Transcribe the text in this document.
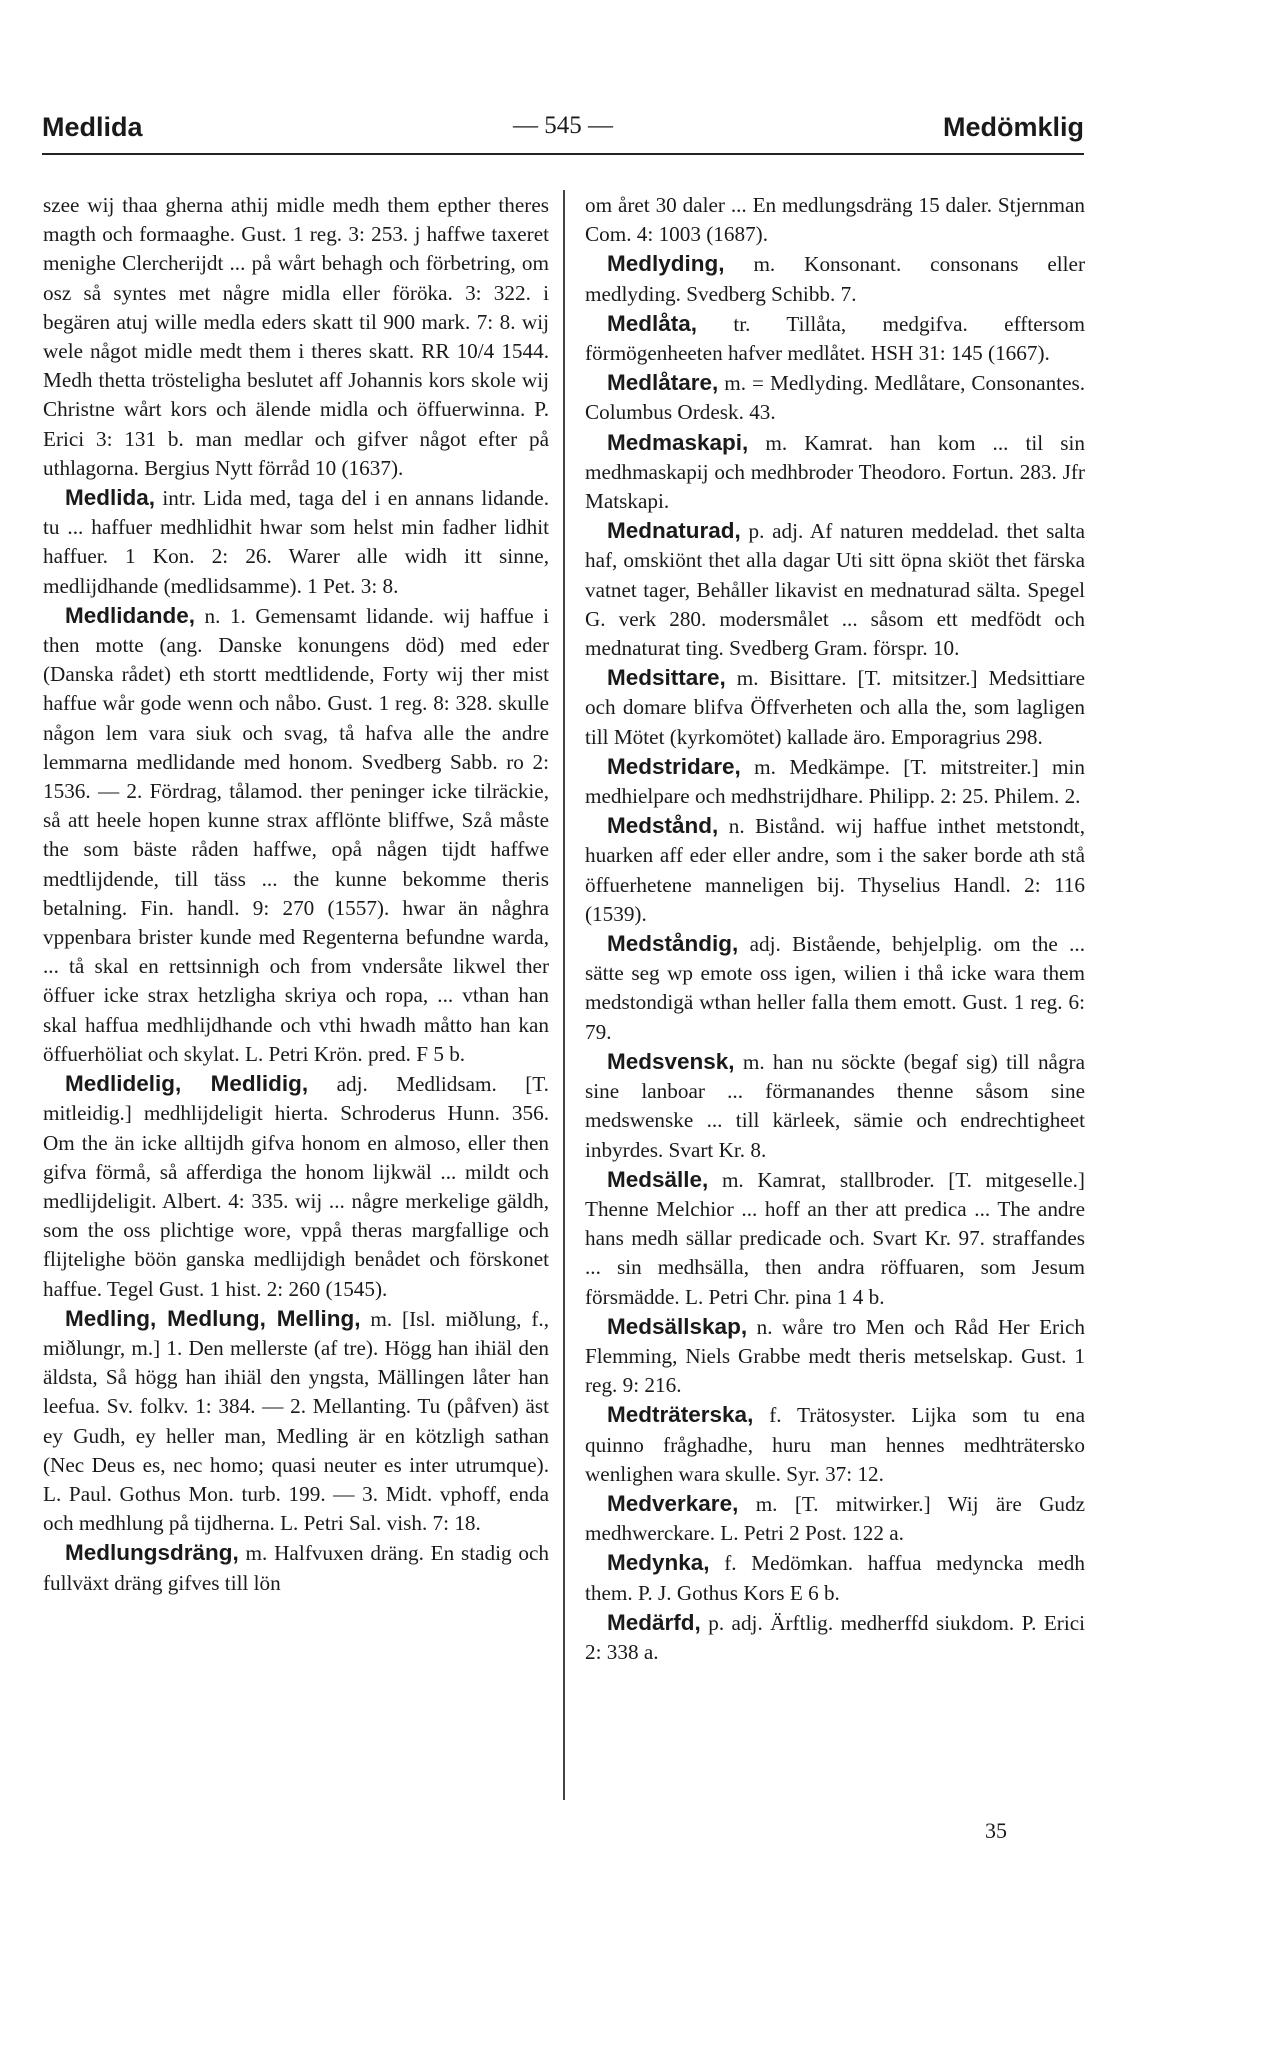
Medlida	— 545 —	Medömklig

szee wij thaa gherna athij midle medh them epther theres magth och formaaghe. Gust. 1 reg. 3: 253. j haffwe taxeret menighe Clercherijdt ... på wårt behagh och förbetring, om osz så syntes met någre midla eller föröka. 3: 322. i begären atuj wille medla eders skatt til 900 mark. 7: 8. wij wele något midle medt them i theres skatt. RR 10/4 1544. Medh thetta tröstelighа beslutet aff Johannis kors skole wij Christne wårt kors och älende midla och öffuerwinna. P. Erici 3: 131 b. man medlar och gifver något efter på uthlagorna. Bergius Nytt förråd 10 (1637).

Medlida, intr. Lida med, taga del i en annans lidande. tu ... haffuer medhlidhit hwar som helst min fadher lidhit haffuer. 1 Kon. 2: 26. Warer alle widh itt sinne, medlijdhande (medlidsamme). 1 Pet. 3: 8.

Medlidande, n. 1. Gemensamt lidande. wij haffue i then motte (ang. Danske konungens död) med eder (Danska rådet) eth stortt medtlidende, Forty wij ther mist haffue wår gode wenn och nåbo. Gust. 1 reg. 8: 328. skulle någon lem vara siuk och svag, tå hafva alle the andre lemmarna medlidande med honom. Svedberg Sabb. ro 2: 1536. — 2. Fördrag, tålamod. ther peninger icke tilräckie, så att heele hopen kunne strax afflönte bliffwe, Szå måste the som bäste råden haffwe, opå någen tijdt haffwe medtlijdende, till täss ... the kunne bekomme theris betalning. Fin. handl. 9: 270 (1557). hwar än någhra vppenbara brister kunde med Regenterna befundne warda, ... tå skal en rettsinnigh och from vndersåte likwel ther öffuer icke strax hetzligha skriya och ropa, ... vthan han skal haffua medhlijdhande och vthi hwadh måtto han kan öffuerhöliat och skylat. L. Petri Krön. pred. F 5 b.

Medlidelig, Medlidig, adj. Medlidsam. [T. mitleidig.] medhlijdeligit hierta. Schroderus Hunn. 356. Om the än icke alltijdh gifva honom en almoso, eller then gifva förmå, så afferdiga the honom lijkwäl ... mildt och medlijdeligit. Albert. 4: 335. wij ... någre merkelige gäldh, som the oss plichtige wore, vppå theras margfallige och flijtelighe böön ganska medlijdigh benådet och förskonet haffue. Tegel Gust. 1 hist. 2: 260 (1545).

Medling, Medlung, Melling, m. [Isl. miðlung, f., miðlungr, m.] 1. Den mellerste (af tre). Högg han ihiäl den äldsta, Så högg han ihiäl den yngsta, Mällingen låter han leefua. Sv. folkv. 1: 384. — 2. Mellanting. Tu (påfven) äst ey Gudh, ey heller man, Medling är en kötzligh sathan (Nec Deus es, nec homo; quasi neuter es inter utrumque). L. Paul. Gothus Mon. turb. 199. — 3. Midt. vphoff, enda och medhlung på tijdherna. L. Petri Sal. vish. 7: 18.

Medlungsdräng, m. Halfvuxen dräng. En stadig och fullväxt dräng gifves till lön

om året 30 daler ... En medlungsdräng 15 daler. Stjernman Com. 4: 1003 (1687).

Medlyding, m. Konsonant. consonans eller medlyding. Svedberg Schibb. 7.

Medlåta, tr. Tillåta, medgifva. efftersom förmögenheeten hafver medlåtet. HSH 31: 145 (1667).

Medlåtare, m. = Medlyding. Medlåtare, Consonantes. Columbus Ordesk. 43.

Medmaskapi, m. Kamrat. han kom ... til sin medhmaskapij och medhbroder Theodoro. Fortun. 283. Jfr Matskapi.

Mednaturad, p. adj. Af naturen meddelad. thet salta haf, omskiönt thet alla dagar Uti sitt öpna skiöt thet färska vatnet tager, Behåller likavist en mednaturad sälta. Spegel G. verk 280. modersmålet ... såsom ett medfödt och mednaturat ting. Svedberg Gram. förspr. 10.

Medsittare, m. Bisittare. [T. mitsitzer.] Medsittiare och domare blifva Öffverheten och alla the, som lagligen till Mötet (kyrkomötet) kallade äro. Emporagrius 298.

Medstridare, m. Medkämpe. [T. mitstreiter.] min medhielpare och medhstrijdhare. Philipp. 2: 25. Philem. 2.

Medstånd, n. Bistånd. wij haffue inthet metstondt, huarken aff eder eller andre, som i the saker borde ath stå öffuerhetene manneligen bij. Thyselius Handl. 2: 116 (1539).

Medståndig, adj. Bistående, behjelplig. om the ... sätte seg wp emote oss igen, wilien i thå icke wara them medstondigä wthan heller falla them emott. Gust. 1 reg. 6: 79.

Medsvensk, m. han nu söckte (begaf sig) till några sine lanboar ... förmanandes thenne såsom sine medswenske ... till kärleek, sämie och endrechtigheet inbyrdes. Svart Kr. 8.

Medsälle, m. Kamrat, stallbroder. [T. mitgeselle.] Thenne Melchior ... hoff an ther att predica ... The andre hans medh sällar predicade och. Svart Kr. 97. straffandes ... sin medhsälla, then andra röffuaren, som Jesum försmädde. L. Petri Chr. pina 1 4 b.

Medsällskap, n. wåre tro Men och Råd Her Erich Flemming, Niels Grabbe medt theris metselskap. Gust. 1 reg. 9: 216.

Medträterska, f. Trätosyster. Lijka som tu ena quinno fråghadhe, huru man hennes medhträtersko wenlighen wara skulle. Syr. 37: 12.

Medverkare, m. [T. mitwirker.] Wij äre Gudz medhwerckare. L. Petri 2 Post. 122 a.

Medynka, f. Medömkan. haffua medyncka medh them. P. J. Gothus Kors E 6 b.

Medärfd, p. adj. Ärftlig. medherffd siukdom. P. Erici 2: 338 a.

35
